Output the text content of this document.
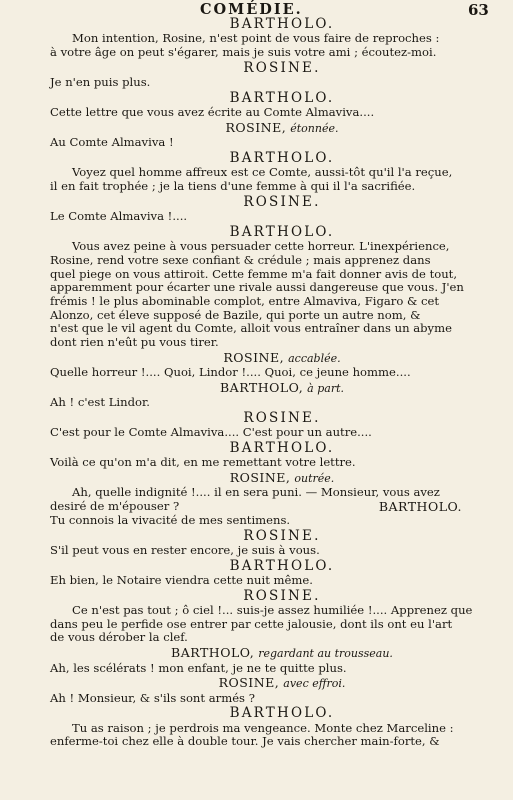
COMÉDIE.	63
BARTHOLO.
Mon intention, Rosine, n'est point de vous faire de reproches :
à votre âge on peut s'égarer, mais je suis votre ami ; écoutez-moi.
ROSINE.
Je n'en puis plus.
BARTHOLO.
Cette lettre que vous avez écrite au Comte Almaviva....
ROSINE, étonnée.
Au Comte Almaviva !
BARTHOLO.
Voyez quel homme affreux est ce Comte, aussi-tôt qu'il l'a reçue,
il en fait trophée ; je la tiens d'une femme à qui il l'a sacrifiée.
ROSINE.
Le Comte Almaviva !....
BARTHOLO.
Vous avez peine à vous persuader cette horreur. L'inexpérience,
Rosine, rend votre sexe confiant & crédule ; mais apprenez dans
quel piege on vous attiroit. Cette femme m'a fait donner avis de tout,
apparemment pour écarter une rivale aussi dangereuse que vous. J'en
frémis ! le plus abominable complot, entre Almaviva, Figaro & cet
Alonzo, cet éleve supposé de Bazile, qui porte un autre nom, &
n'est que le vil agent du Comte, alloit vous entraîner dans un abyme
dont rien n'eût pu vous tirer.
ROSINE, accablée.
Quelle horreur !.... Quoi, Lindor !.... Quoi, ce jeune homme....
BARTHOLO, à part.
Ah ! c'est Lindor.
ROSINE.
C'est pour le Comte Almaviva.... C'est pour un autre....
BARTHOLO.
Voilà ce qu'on m'a dit, en me remettant votre lettre.
ROSINE, outrée.
Ah, quelle indignité !.... il en sera puni. — Monsieur, vous avez
desiré de m'épouser ?	BARTHOLO.
Tu connois la vivacité de mes sentimens.
ROSINE.
S'il peut vous en rester encore, je suis à vous.
BARTHOLO.
Eh bien, le Notaire viendra cette nuit même.
ROSINE.
Ce n'est pas tout ; ô ciel !... suis-je assez humiliée !.... Apprenez que
dans peu le perfide ose entrer par cette jalousie, dont ils ont eu l'art
de vous dérober la clef.
BARTHOLO, regardant au trousseau.
Ah, les scélérats ! mon enfant, je ne te quitte plus.
ROSINE, avec effroi.
Ah ! Monsieur, & s'ils sont armés ?
BARTHOLO.
Tu as raison ; je perdrois ma vengeance. Monte chez Marceline :
enferme-toi chez elle à double tour. Je vais chercher main-forte, &
